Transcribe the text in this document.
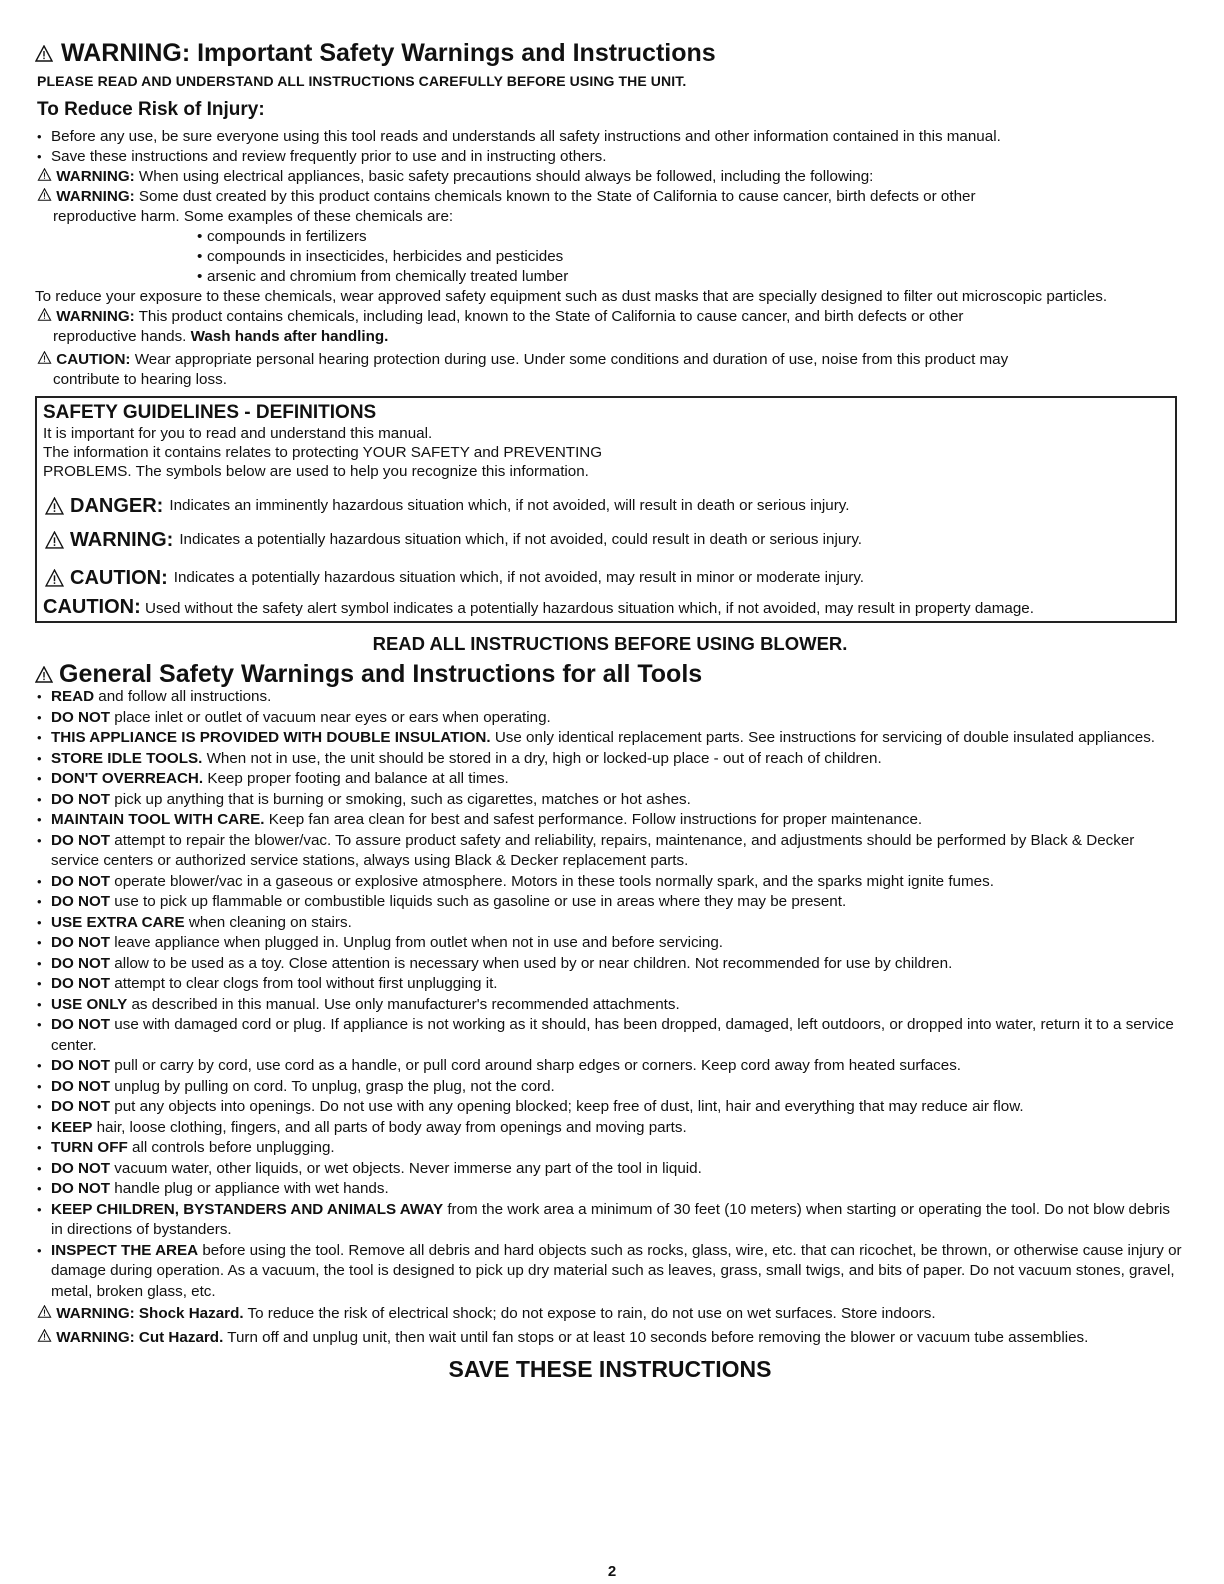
WARNING: Important Safety Warnings and Instructions
PLEASE READ AND UNDERSTAND ALL INSTRUCTIONS CAREFULLY BEFORE USING THE UNIT.
To Reduce Risk of Injury:
• Before any use, be sure everyone using this tool reads and understands all safety instructions and other information contained in this manual.
• Save these instructions and review frequently prior to use and in instructing others.
WARNING: When using electrical appliances, basic safety precautions should always be followed, including the following:
WARNING: Some dust created by this product contains chemicals known to the State of California to cause cancer, birth defects or other
reproductive harm. Some examples of these chemicals are:
• compounds in fertilizers
• compounds in insecticides, herbicides and pesticides
• arsenic and chromium from chemically treated lumber
To reduce your exposure to these chemicals, wear approved safety equipment such as dust masks that are specially designed to filter out microscopic particles.
WARNING: This product contains chemicals, including lead, known to the State of California to cause cancer, and birth defects or other
reproductive hands. Wash hands after handling.
CAUTION: Wear appropriate personal hearing protection during use. Under some conditions and duration of use, noise from this product may
contribute to hearing loss.
SAFETY GUIDELINES - DEFINITIONS
It is important for you to read and understand this manual.
The information it contains relates to protecting YOUR SAFETY and PREVENTING
PROBLEMS. The symbols below are used to help you recognize this information.
DANGER: Indicates an imminently hazardous situation which, if not avoided, will result in death or serious injury.
WARNING: Indicates a potentially hazardous situation which, if not avoided, could result in death or serious injury.
CAUTION: Indicates a potentially hazardous situation which, if not avoided, may result in minor or moderate injury.
CAUTION: Used without the safety alert symbol indicates a potentially hazardous situation which, if not avoided, may result in property damage.
READ ALL INSTRUCTIONS BEFORE USING BLOWER.
General Safety Warnings and Instructions for all Tools
• READ and follow all instructions.
• DO NOT place inlet or outlet of vacuum near eyes or ears when operating.
• THIS APPLIANCE IS PROVIDED WITH DOUBLE INSULATION. Use only identical replacement parts. See instructions for servicing of double insulated appliances.
• STORE IDLE TOOLS. When not in use, the unit should be stored in a dry, high or locked-up place - out of reach of children.
• DON'T OVERREACH. Keep proper footing and balance at all times.
• DO NOT pick up anything that is burning or smoking, such as cigarettes, matches or hot ashes.
• MAINTAIN TOOL WITH CARE. Keep fan area clean for best and safest performance. Follow instructions for proper maintenance.
• DO NOT attempt to repair the blower/vac. To assure product safety and reliability, repairs, maintenance, and adjustments should be performed by Black & Decker service centers or authorized service stations, always using Black & Decker replacement parts.
• DO NOT operate blower/vac in a gaseous or explosive atmosphere. Motors in these tools normally spark, and the sparks might ignite fumes.
• DO NOT use to pick up flammable or combustible liquids such as gasoline or use in areas where they may be present.
• USE EXTRA CARE when cleaning on stairs.
• DO NOT leave appliance when plugged in. Unplug from outlet when not in use and before servicing.
• DO NOT allow to be used as a toy. Close attention is necessary when used by or near children. Not recommended for use by children.
• DO NOT attempt to clear clogs from tool without first unplugging it.
• USE ONLY as described in this manual. Use only manufacturer's recommended attachments.
• DO NOT use with damaged cord or plug. If appliance is not working as it should, has been dropped, damaged, left outdoors, or dropped into water, return it to a service center.
• DO NOT pull or carry by cord, use cord as a handle, or pull cord around sharp edges or corners. Keep cord away from heated surfaces.
• DO NOT unplug by pulling on cord. To unplug, grasp the plug, not the cord.
• DO NOT put any objects into openings. Do not use with any opening blocked; keep free of dust, lint, hair and everything that may reduce air flow.
• KEEP hair, loose clothing, fingers, and all parts of body away from openings and moving parts.
• TURN OFF all controls before unplugging.
• DO NOT vacuum water, other liquids, or wet objects. Never immerse any part of the tool in liquid.
• DO NOT handle plug or appliance with wet hands.
• KEEP CHILDREN, BYSTANDERS AND ANIMALS AWAY from the work area a minimum of 30 feet (10 meters) when starting or operating the tool. Do not blow debris in directions of bystanders.
• INSPECT THE AREA before using the tool. Remove all debris and hard objects such as rocks, glass, wire, etc. that can ricochet, be thrown, or otherwise cause injury or damage during operation. As a vacuum, the tool is designed to pick up dry material such as leaves, grass, small twigs, and bits of paper. Do not vacuum stones, gravel, metal, broken glass, etc.
WARNING: Shock Hazard. To reduce the risk of electrical shock; do not expose to rain, do not use on wet surfaces. Store indoors.
WARNING: Cut Hazard. Turn off and unplug unit, then wait until fan stops or at least 10 seconds before removing the blower or vacuum tube assemblies.
SAVE THESE INSTRUCTIONS
2
